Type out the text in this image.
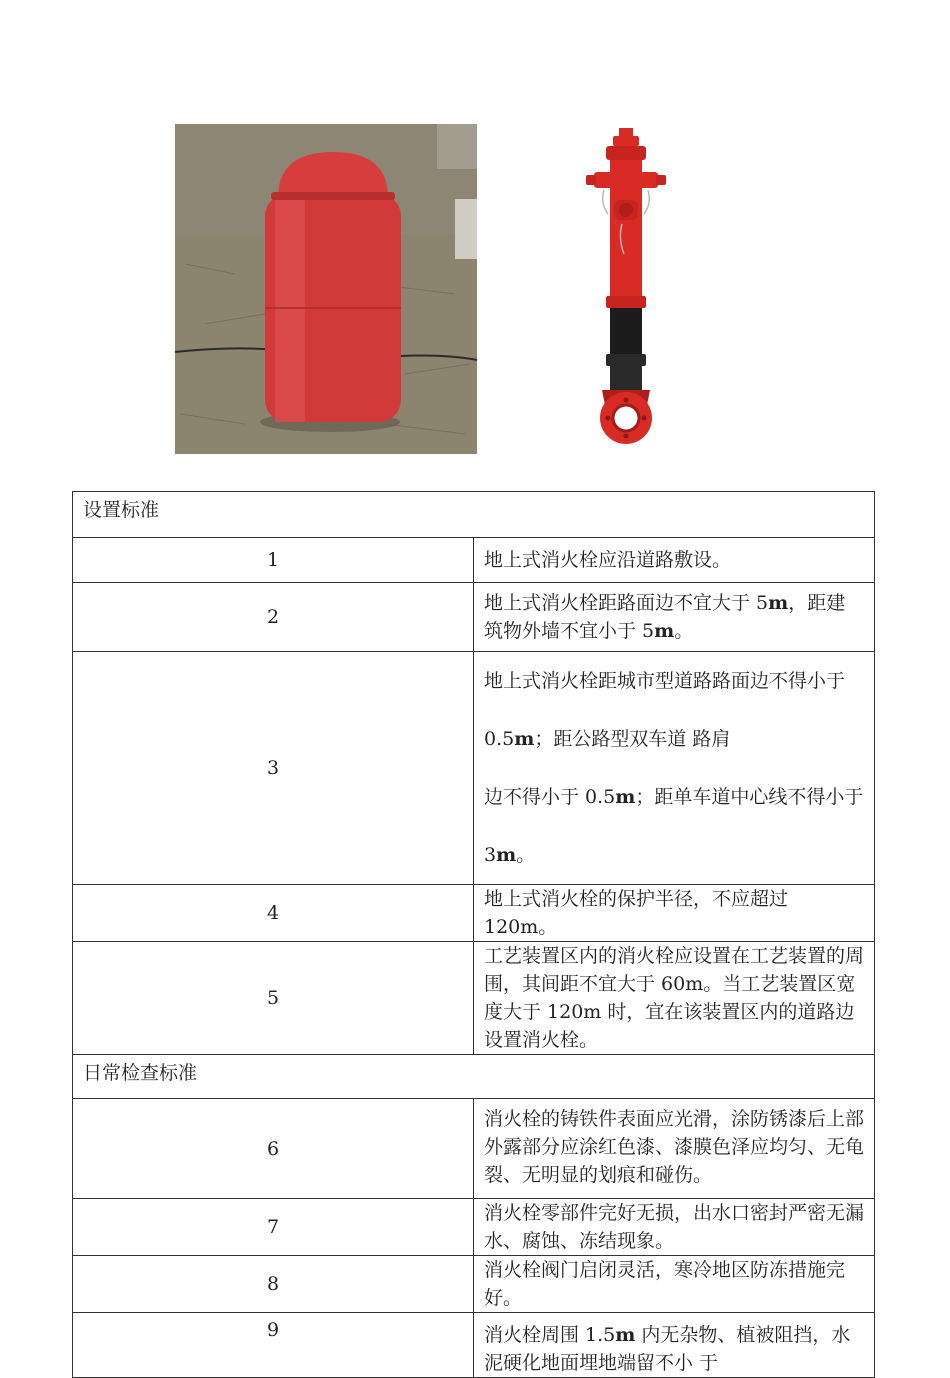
设置标准	
1	地上式消火栓应沿道路敷设。
2	地上式消火栓距路面边不宜大于 5m，距建筑物外墙不宜小于 5m。
3	地上式消火栓距城市型道路路面边不得小于 0.5m；距公路型双车道 路肩
边不得小于 0.5m；距单车道中心线不得小于 3m。

4	地上式消火栓的保护半径，不应超过 120m。
5	工艺装置区内的消火栓应设置在工艺装置的周围，其间距不宜大于 60m。当工艺装置区宽度大于 120m 时，宜在该装置区内的道路边设置消火栓。
日常检查标准	
6	消火栓的铸铁件表面应光滑，涂防锈漆后上部外露部分应涂红色漆、漆膜色泽应均匀、无龟裂、无明显的划痕和碰伤。
7	消火栓零部件完好无损，出水口密封严密无漏水、腐蚀、冻结现象。
8	消火栓阀门启闭灵活，寒冷地区防冻措施完好。
9	消火栓周围 1.5m 内无杂物、植被阻挡，水泥硬化地面埋地端留不小 于
